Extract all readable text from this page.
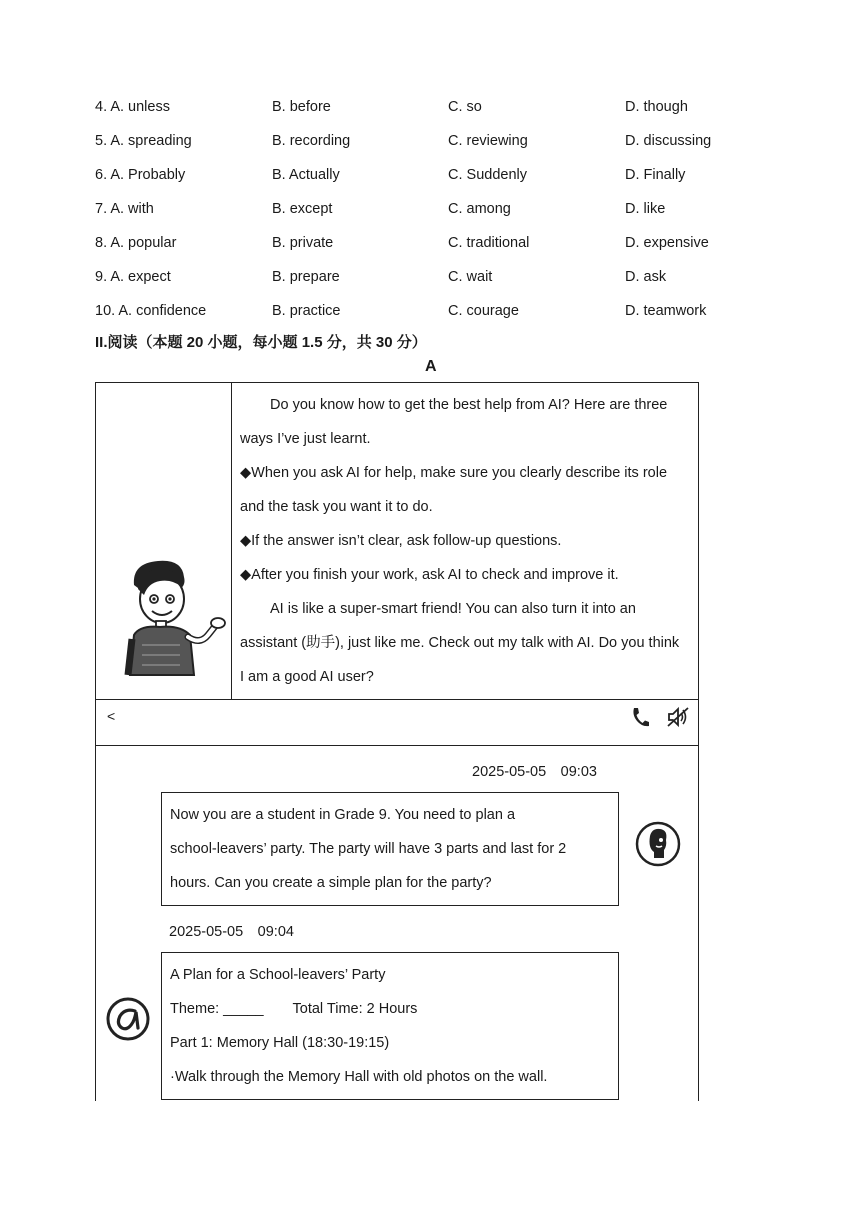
4. A. unless	B. before	C. so	D. though
5. A. spreading	B. recording	C. reviewing	D. discussing
6. A. Probably	B. Actually	C. Suddenly	D. Finally
7. A. with	B. except	C. among	D. like
8. A. popular	B. private	C. traditional	D. expensive
9. A. expect	B. prepare	C. wait	D. ask
10. A. confidence	B. practice	C. courage	D. teamwork
II.阅读（本题 20 小题，每小题 1.5 分，共 30 分）
A

Do you know how to get the best help from AI? Here are three ways I’ve just learnt.

◆When you ask AI for help, make sure you clearly describe its role and the task you want it to do.

◆If the answer isn’t clear, ask follow-up questions.

◆After you finish your work, ask AI to check and improve it.

AI is like a super-smart friend! You can also turn it into an assistant (助手), just like me. Check out my talk with AI. Do you think I am a good AI user?

<
2025-05-05　09:03

Now you are a student in Grade 9. You need to plan a

school-leavers’ party. The party will have 3 parts and last for 2

hours. Can you create a simple plan for the party?

2025-05-05　09:04

A Plan for a School-leavers’ Party

Theme: _____　　Total Time: 2 Hours

Part 1: Memory Hall (18:30-19:15)

·Walk through the Memory Hall with old photos on the wall.
